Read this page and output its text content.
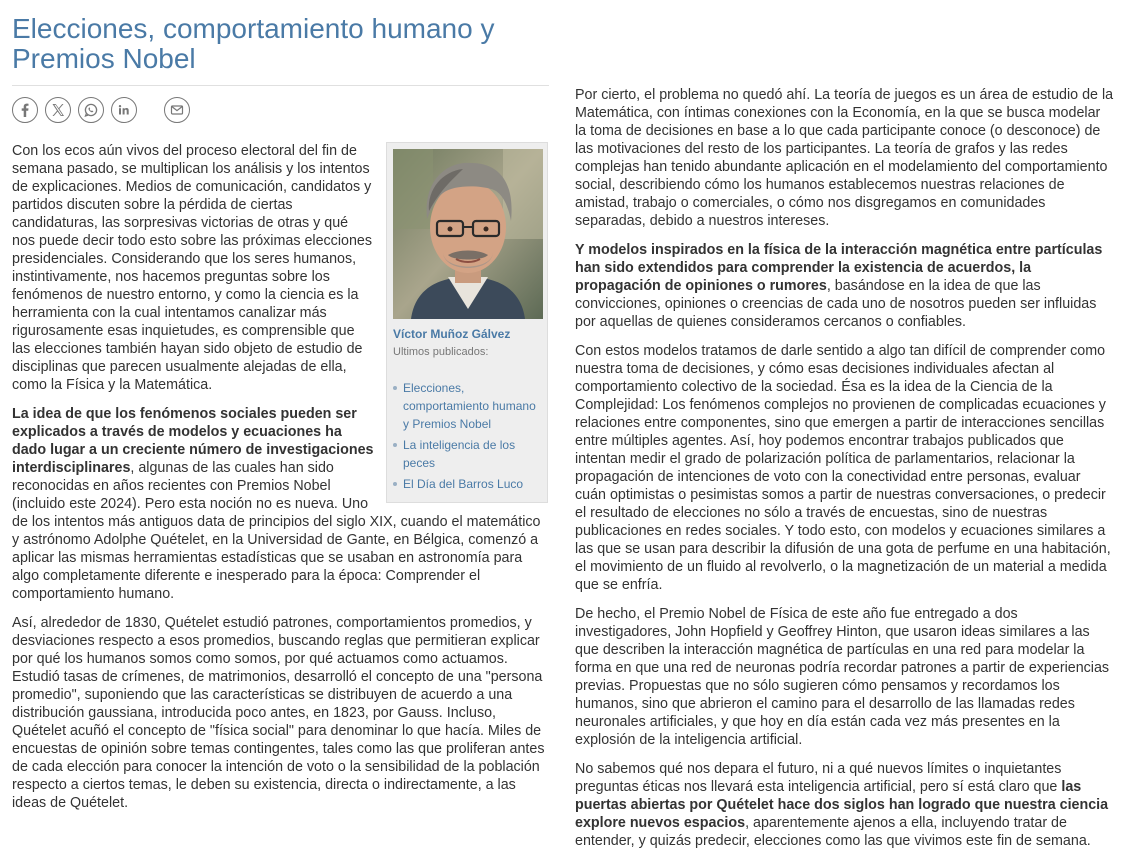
Elecciones, comportamiento humano y Premios Nobel
Víctor Muñoz Gálvez
Ultimos publicados:
Elecciones, comportamiento humano y Premios Nobel
La inteligencia de los peces
El Día del Barros Luco

Con los ecos aún vivos del proceso electoral del fin de semana pasado, se multiplican los análisis y los intentos de explicaciones. Medios de comunicación, candidatos y partidos discuten sobre la pérdida de ciertas candidaturas, las sorpresivas victorias de otras y qué nos puede decir todo esto sobre las próximas elecciones presidenciales. Considerando que los seres humanos, instintivamente, nos hacemos preguntas sobre los fenómenos de nuestro entorno, y como la ciencia es la herramienta con la cual intentamos canalizar más rigurosamente esas inquietudes, es comprensible que las elecciones también hayan sido objeto de estudio de disciplinas que parecen usualmente alejadas de ella, como la Física y la Matemática.

La idea de que los fenómenos sociales pueden ser explicados a través de modelos y ecuaciones ha dado lugar a un creciente número de investigaciones interdisciplinares, algunas de las cuales han sido reconocidas en años recientes con Premios Nobel (incluido este 2024). Pero esta noción no es nueva. Uno de los intentos más antiguos data de principios del siglo XIX, cuando el matemático y astrónomo Adolphe Quételet, en la Universidad de Gante, en Bélgica, comenzó a aplicar las mismas herramientas estadísticas que se usaban en astronomía para algo completamente diferente e inesperado para la época: Comprender el comportamiento humano.

Así, alrededor de 1830, Quételet estudió patrones, comportamientos promedios, y desviaciones respecto a esos promedios, buscando reglas que permitieran explicar por qué los humanos somos como somos, por qué actuamos como actuamos. Estudió tasas de crímenes, de matrimonios, desarrolló el concepto de una "persona promedio", suponiendo que las características se distribuyen de acuerdo a una distribución gaussiana, introducida poco antes, en 1823, por Gauss. Incluso, Quételet acuñó el concepto de "física social" para denominar lo que hacía. Miles de encuestas de opinión sobre temas contingentes, tales como las que proliferan antes de cada elección para conocer la intención de voto o la sensibilidad de la población respecto a ciertos temas, le deben su existencia, directa o indirectamente, a las ideas de Quételet.

Por cierto, el problema no quedó ahí. La teoría de juegos es un área de estudio de la Matemática, con íntimas conexiones con la Economía, en la que se busca modelar la toma de decisiones en base a lo que cada participante conoce (o desconoce) de las motivaciones del resto de los participantes. La teoría de grafos y las redes complejas han tenido abundante aplicación en el modelamiento del comportamiento social, describiendo cómo los humanos establecemos nuestras relaciones de amistad, trabajo o comerciales, o cómo nos disgregamos en comunidades separadas, debido a nuestros intereses.

Y modelos inspirados en la física de la interacción magnética entre partículas han sido extendidos para comprender la existencia de acuerdos, la propagación de opiniones o rumores, basándose en la idea de que las convicciones, opiniones o creencias de cada uno de nosotros pueden ser influidas por aquellas de quienes consideramos cercanos o confiables.

Con estos modelos tratamos de darle sentido a algo tan difícil de comprender como nuestra toma de decisiones, y cómo esas decisiones individuales afectan al comportamiento colectivo de la sociedad. Ésa es la idea de la Ciencia de la Complejidad: Los fenómenos complejos no provienen de complicadas ecuaciones y relaciones entre componentes, sino que emergen a partir de interacciones sencillas entre múltiples agentes. Así, hoy podemos encontrar trabajos publicados que intentan medir el grado de polarización política de parlamentarios, relacionar la propagación de intenciones de voto con la conectividad entre personas, evaluar cuán optimistas o pesimistas somos a partir de nuestras conversaciones, o predecir el resultado de elecciones no sólo a través de encuestas, sino de nuestras publicaciones en redes sociales. Y todo esto, con modelos y ecuaciones similares a las que se usan para describir la difusión de una gota de perfume en una habitación, el movimiento de un fluido al revolverlo, o la magnetización de un material a medida que se enfría.

De hecho, el Premio Nobel de Física de este año fue entregado a dos investigadores, John Hopfield y Geoffrey Hinton, que usaron ideas similares a las que describen la interacción magnética de partículas en una red para modelar la forma en que una red de neuronas podría recordar patrones a partir de experiencias previas. Propuestas que no sólo sugieren cómo pensamos y recordamos los humanos, sino que abrieron el camino para el desarrollo de las llamadas redes neuronales artificiales, y que hoy en día están cada vez más presentes en la explosión de la inteligencia artificial.

No sabemos qué nos depara el futuro, ni a qué nuevos límites o inquietantes preguntas éticas nos llevará esta inteligencia artificial, pero sí está claro que las puertas abiertas por Quételet hace dos siglos han logrado que nuestra ciencia explore nuevos espacios, aparentemente ajenos a ella, incluyendo tratar de entender, y quizás predecir, elecciones como las que vivimos este fin de semana.
